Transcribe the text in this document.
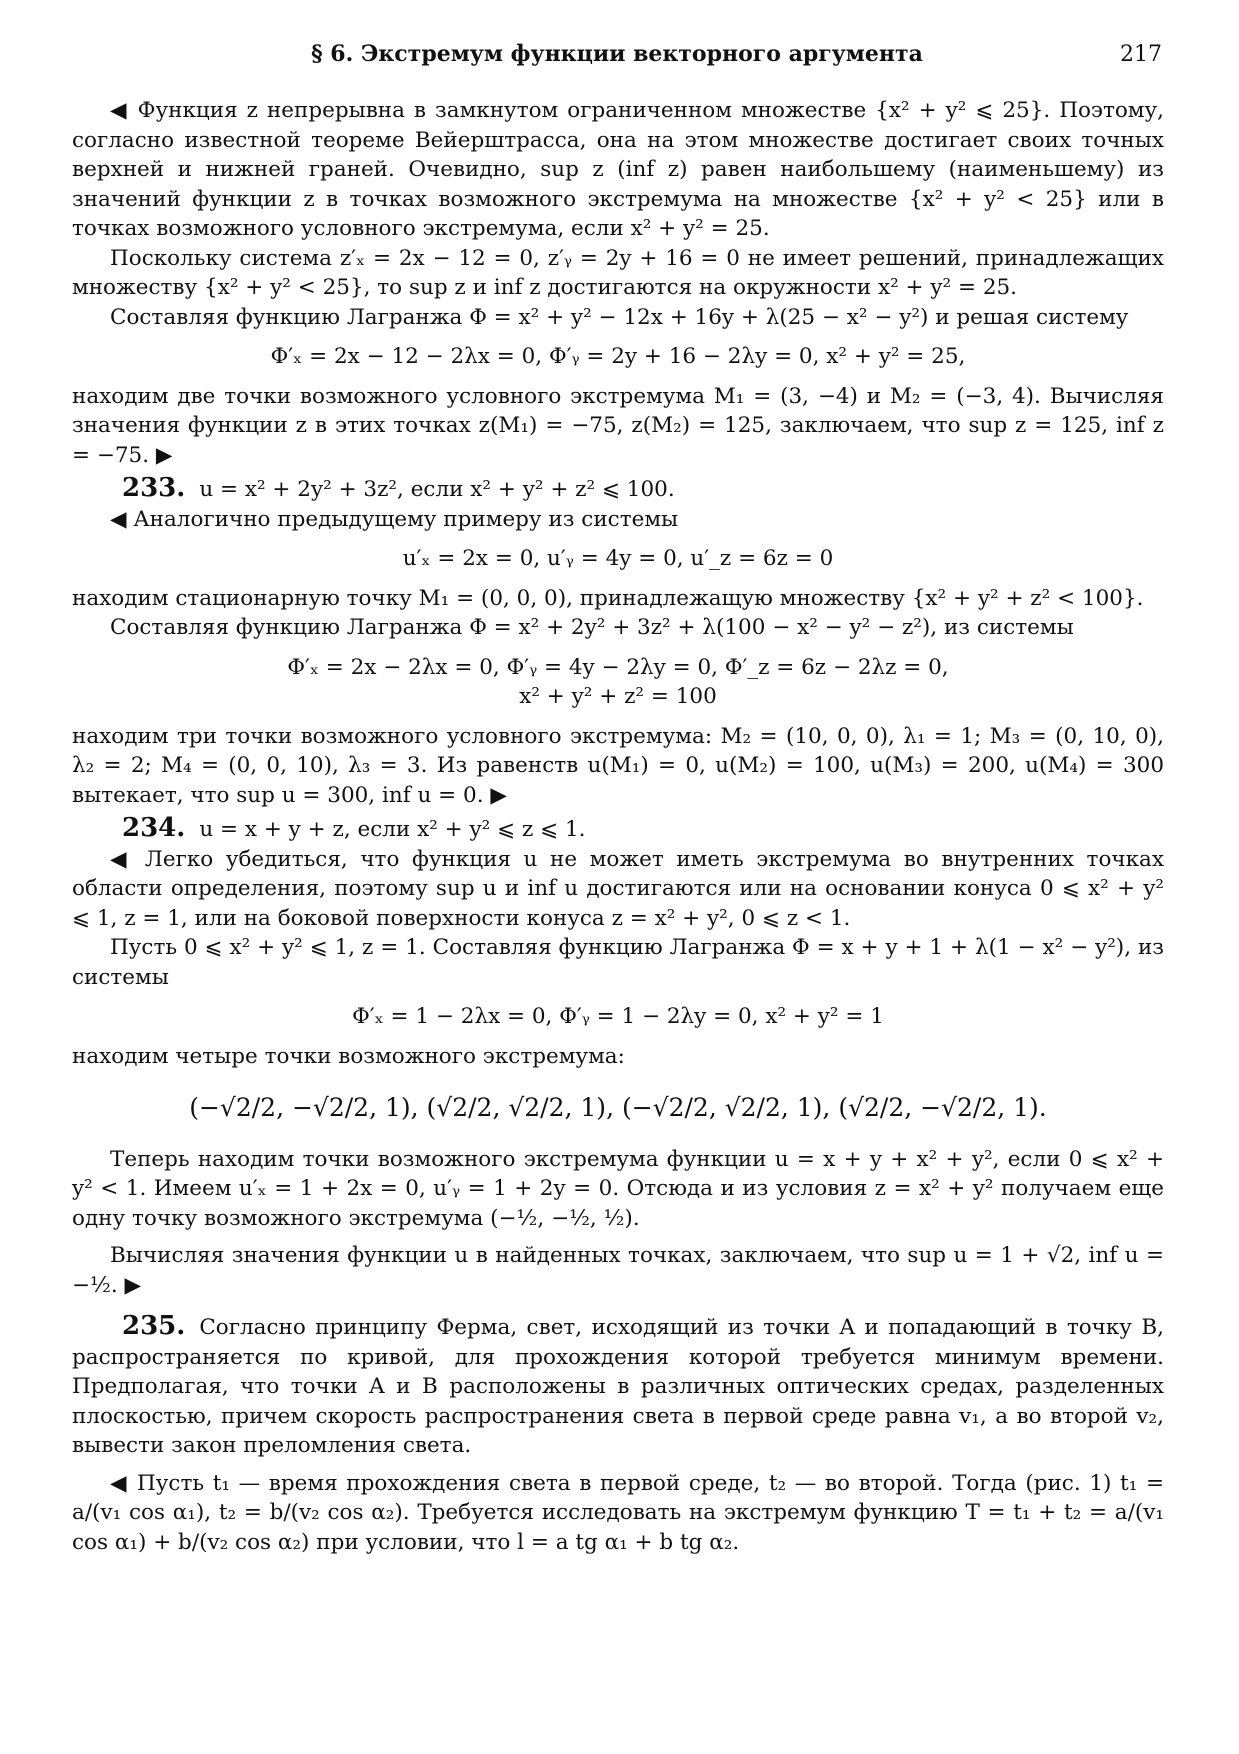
§ 6. Экстремум функции векторного аргумента	217

◀ Функция z непрерывна в замкнутом ограниченном множестве {x² + y² ⩽ 25}. Поэтому, согласно известной теореме Вейерштрасса, она на этом множестве достигает своих точных верхней и нижней граней. Очевидно, sup z (inf z) равен наибольшему (наименьшему) из значений функции z в точках возможного экстремума на множестве {x² + y² < 25} или в точках возможного условного экстремума, если x² + y² = 25.

Поскольку система z′ₓ = 2x − 12 = 0, z′ᵧ = 2y + 16 = 0 не имеет решений, принадлежащих множеству {x² + y² < 25}, то sup z и inf z достигаются на окружности x² + y² = 25.

Составляя функцию Лагранжа Φ = x² + y² − 12x + 16y + λ(25 − x² − y²) и решая систему

Φ′ₓ = 2x − 12 − 2λx = 0, Φ′ᵧ = 2y + 16 − 2λy = 0, x² + y² = 25,

находим две точки возможного условного экстремума M₁ = (3, −4) и M₂ = (−3, 4). Вычисляя значения функции z в этих точках z(M₁) = −75, z(M₂) = 125, заключаем, что sup z = 125, inf z = −75. ▶

233. u = x² + 2y² + 3z², если x² + y² + z² ⩽ 100.

◀ Аналогично предыдущему примеру из системы

u′ₓ = 2x = 0, u′ᵧ = 4y = 0, u′_z = 6z = 0

находим стационарную точку M₁ = (0, 0, 0), принадлежащую множеству {x² + y² + z² < 100}.

Составляя функцию Лагранжа Φ = x² + 2y² + 3z² + λ(100 − x² − y² − z²), из системы

Φ′ₓ = 2x − 2λx = 0, Φ′ᵧ = 4y − 2λy = 0, Φ′_z = 6z − 2λz = 0,
x² + y² + z² = 100

находим три точки возможного условного экстремума: M₂ = (10, 0, 0), λ₁ = 1; M₃ = (0, 10, 0), λ₂ = 2; M₄ = (0, 0, 10), λ₃ = 3. Из равенств u(M₁) = 0, u(M₂) = 100, u(M₃) = 200, u(M₄) = 300 вытекает, что sup u = 300, inf u = 0. ▶

234. u = x + y + z, если x² + y² ⩽ z ⩽ 1.

◀ Легко убедиться, что функция u не может иметь экстремума во внутренних точках области определения, поэтому sup u и inf u достигаются или на основании конуса 0 ⩽ x² + y² ⩽ 1, z = 1, или на боковой поверхности конуса z = x² + y², 0 ⩽ z < 1.

Пусть 0 ⩽ x² + y² ⩽ 1, z = 1. Составляя функцию Лагранжа Φ = x + y + 1 + λ(1 − x² − y²), из системы

Φ′ₓ = 1 − 2λx = 0, Φ′ᵧ = 1 − 2λy = 0, x² + y² = 1

находим четыре точки возможного экстремума:

(−√2/2, −√2/2, 1), (√2/2, √2/2, 1), (−√2/2, √2/2, 1), (√2/2, −√2/2, 1).

Теперь находим точки возможного экстремума функции u = x + y + x² + y², если 0 ⩽ x² + y² < 1. Имеем u′ₓ = 1 + 2x = 0, u′ᵧ = 1 + 2y = 0. Отсюда и из условия z = x² + y² получаем еще одну точку возможного экстремума (−½, −½, ½).

Вычисляя значения функции u в найденных точках, заключаем, что sup u = 1 + √2, inf u = −½. ▶

235. Согласно принципу Ферма, свет, исходящий из точки A и попадающий в точку B, распространяется по кривой, для прохождения которой требуется минимум времени. Предполагая, что точки A и B расположены в различных оптических средах, разделенных плоскостью, причем скорость распространения света в первой среде равна v₁, а во второй v₂, вывести закон преломления света.

◀ Пусть t₁ — время прохождения света в первой среде, t₂ — во второй. Тогда (рис. 1) t₁ = a/(v₁ cos α₁), t₂ = b/(v₂ cos α₂). Требуется исследовать на экстремум функцию T = t₁ + t₂ = a/(v₁ cos α₁) + b/(v₂ cos α₂) при условии, что l = a tg α₁ + b tg α₂.
